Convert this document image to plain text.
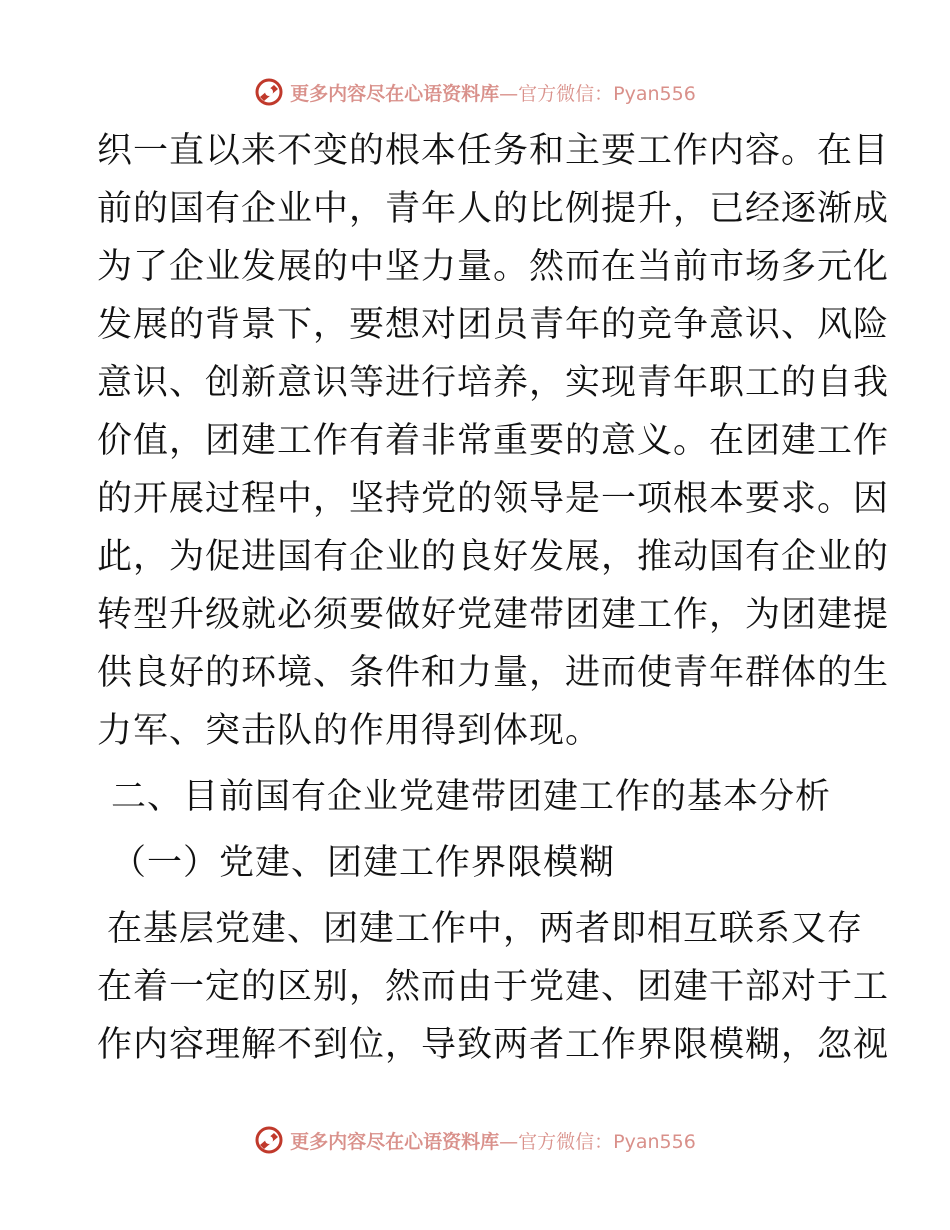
更多内容尽在心语资料库 —官方微信：Pyan556
织一直以来不变的根本任务和主要工作内容。在目
前的国有企业中，青年人的比例提升，已经逐渐成
为了企业发展的中坚力量。然而在当前市场多元化
发展的背景下，要想对团员青年的竞争意识、风险
意识、创新意识等进行培养，实现青年职工的自我
价值，团建工作有着非常重要的意义。在团建工作
的开展过程中，坚持党的领导是一项根本要求。因
此，为促进国有企业的良好发展，推动国有企业的
转型升级就必须要做好党建带团建工作，为团建提
供良好的环境、条件和力量，进而使青年群体的生
力军、突击队的作用得到体现。
二、目前国有企业党建带团建工作的基本分析
（一）党建、团建工作界限模糊
在基层党建、团建工作中，两者即相互联系又存
在着一定的区别，然而由于党建、团建干部对于工
作内容理解不到位，导致两者工作界限模糊，忽视
更多内容尽在心语资料库 —官方微信：Pyan556
